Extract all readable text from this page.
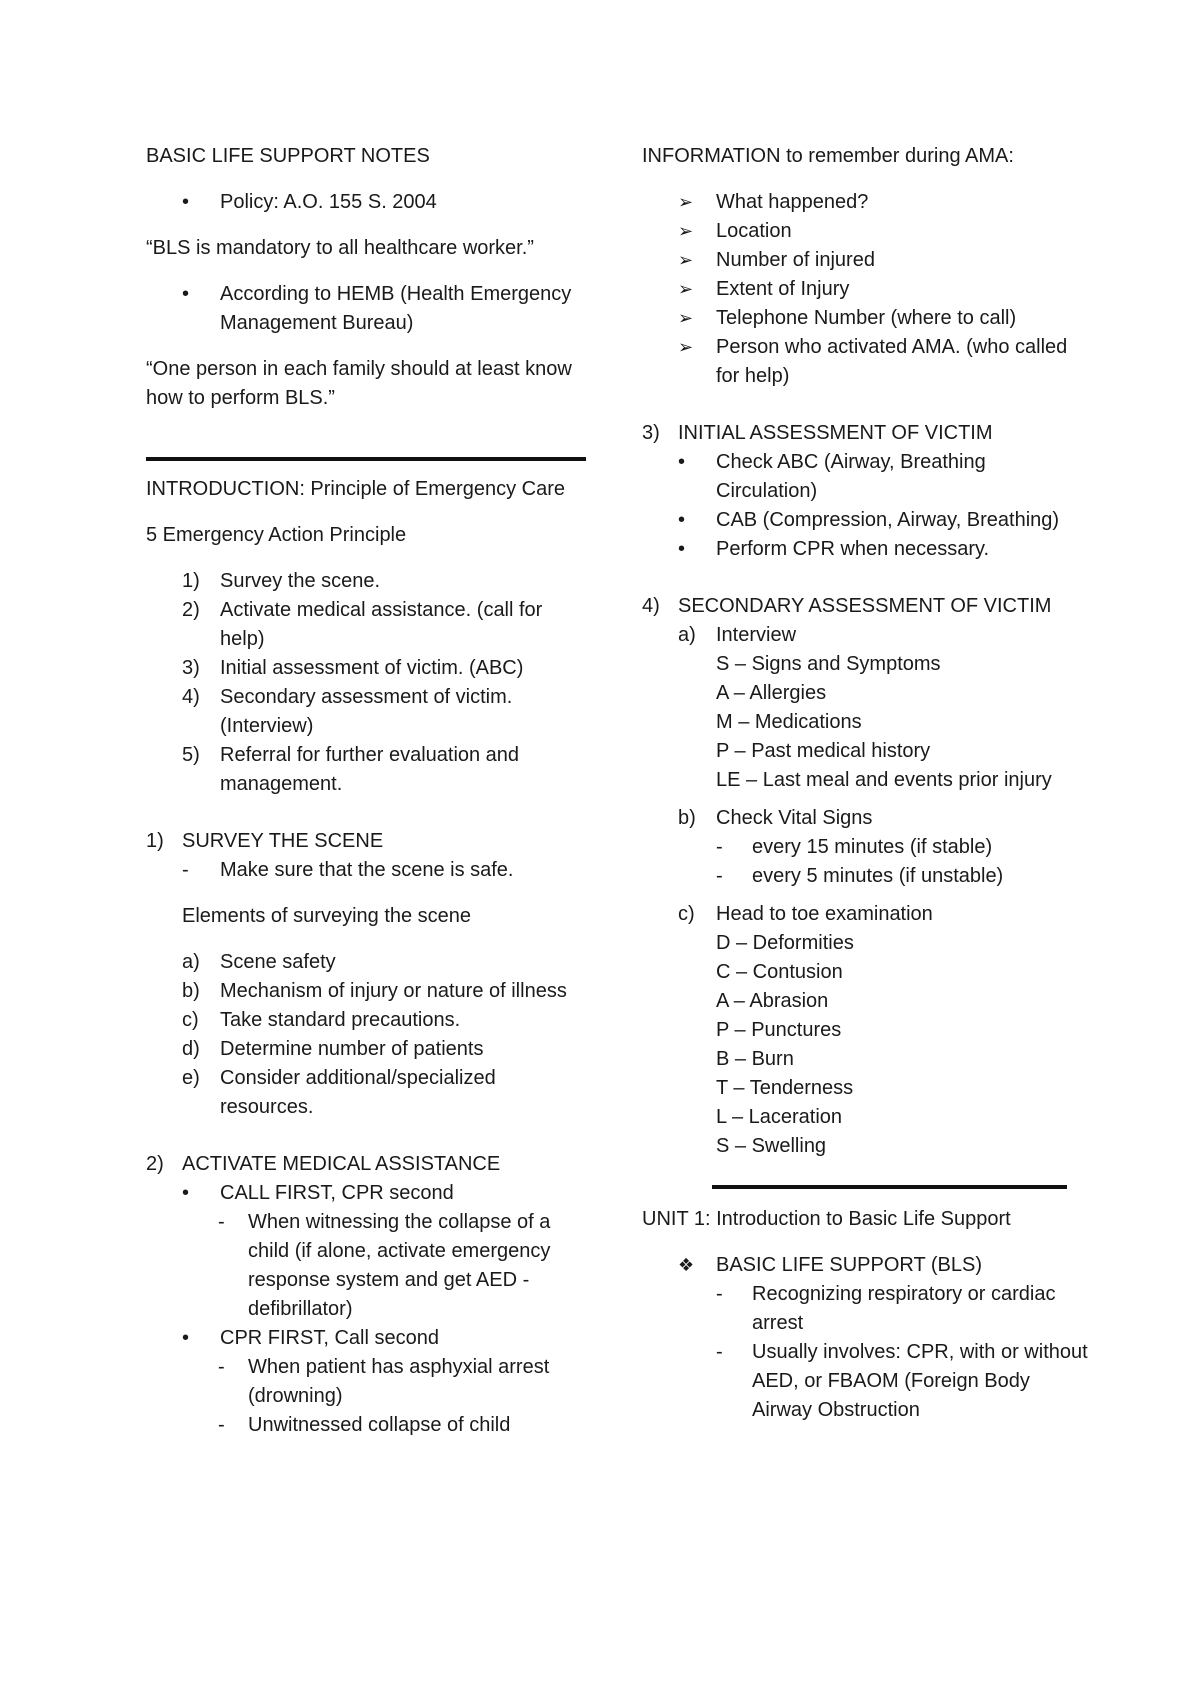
BASIC LIFE SUPPORT NOTES

• Policy: A.O. 155 S. 2004

“BLS is mandatory to all healthcare worker.”

• According to HEMB (Health Emergency Management Bureau)

“One person in each family should at least know how to perform BLS.”

INTRODUCTION: Principle of Emergency Care

5 Emergency Action Principle

1) Survey the scene.
2) Activate medical assistance. (call for help)
3) Initial assessment of victim. (ABC)
4) Secondary assessment of victim. (Interview)
5) Referral for further evaluation and management.
1) SURVEY THE SCENE
- Make sure that the scene is safe.

Elements of surveying the scene

a) Scene safety
b) Mechanism of injury or nature of illness
c) Take standard precautions.
d) Determine number of patients
e) Consider additional/specialized resources.
2) ACTIVATE MEDICAL ASSISTANCE
• CALL FIRST, CPR second
- When witnessing the collapse of a child (if alone, activate emergency response system and get AED - defibrillator)
• CPR FIRST, Call second
- When patient has asphyxial arrest (drowning)
- Unwitnessed collapse of child

INFORMATION to remember during AMA:

➢ What happened?
➢ Location
➢ Number of injured
➢ Extent of Injury
➢ Telephone Number (where to call)
➢ Person who activated AMA. (who called for help)
3) INITIAL ASSESSMENT OF VICTIM
• Check ABC (Airway, Breathing Circulation)
• CAB (Compression, Airway, Breathing)
• Perform CPR when necessary.
4) SECONDARY ASSESSMENT OF VICTIM
a) Interview

S – Signs and Symptoms

A – Allergies

M – Medications

P – Past medical history

LE – Last meal and events prior injury

b) Check Vital Signs
- every 15 minutes (if stable)
- every 5 minutes (if unstable)
c) Head to toe examination

D – Deformities

C – Contusion

A – Abrasion

P – Punctures

B – Burn

T – Tenderness

L – Laceration

S – Swelling

UNIT 1: Introduction to Basic Life Support

❖ BASIC LIFE SUPPORT (BLS)
- Recognizing respiratory or cardiac arrest
- Usually involves: CPR, with or without AED, or FBAOM (Foreign Body Airway Obstruction
